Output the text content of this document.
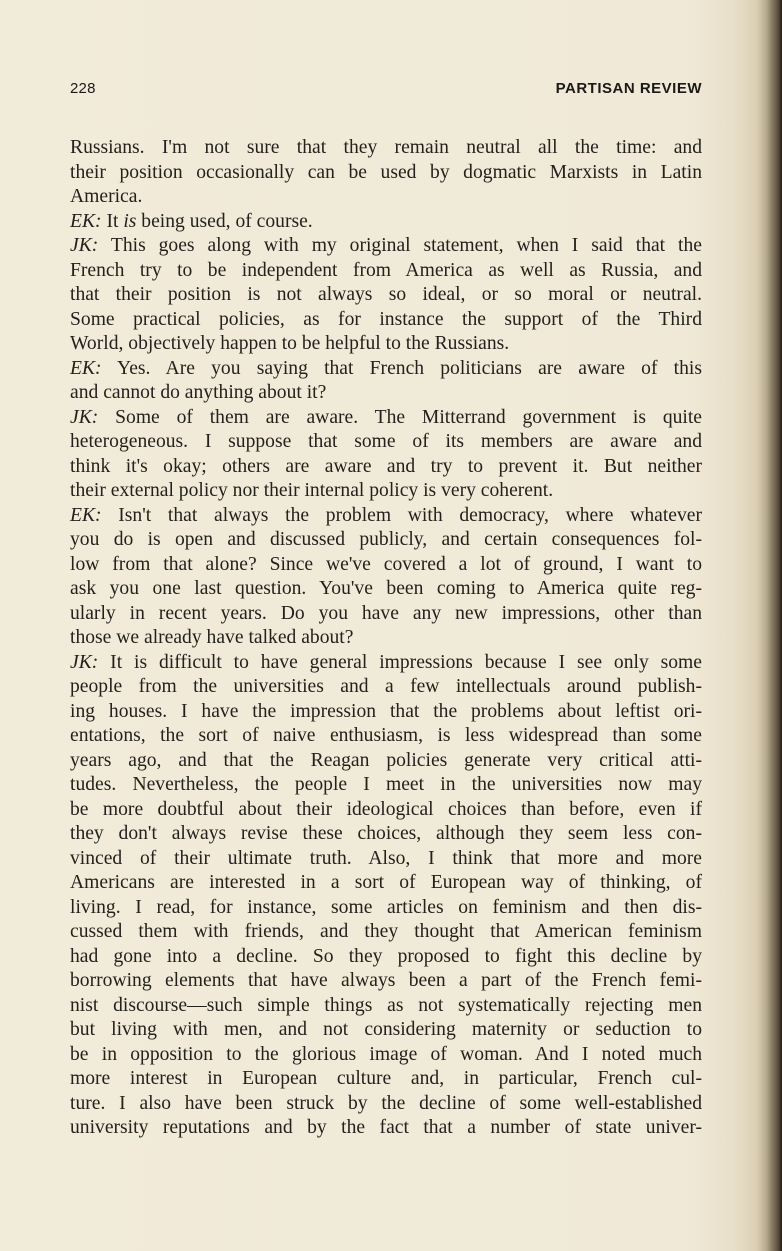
228	PARTISAN REVIEW
Russians. I'm not sure that they remain neutral all the time: and
their position occasionally can be used by dogmatic Marxists in Latin
America.
EK: It is being used, of course.
JK: This goes along with my original statement, when I said that the
French try to be independent from America as well as Russia, and
that their position is not always so ideal, or so moral or neutral.
Some practical policies, as for instance the support of the Third
World, objectively happen to be helpful to the Russians.
EK: Yes. Are you saying that French politicians are aware of this
and cannot do anything about it?
JK: Some of them are aware. The Mitterrand government is quite
heterogeneous. I suppose that some of its members are aware and
think it's okay; others are aware and try to prevent it. But neither
their external policy nor their internal policy is very coherent.
EK: Isn't that always the problem with democracy, where whatever
you do is open and discussed publicly, and certain consequences fol-
low from that alone? Since we've covered a lot of ground, I want to
ask you one last question. You've been coming to America quite reg-
ularly in recent years. Do you have any new impressions, other than
those we already have talked about?
JK: It is difficult to have general impressions because I see only some
people from the universities and a few intellectuals around publish-
ing houses. I have the impression that the problems about leftist ori-
entations, the sort of naive enthusiasm, is less widespread than some
years ago, and that the Reagan policies generate very critical atti-
tudes. Nevertheless, the people I meet in the universities now may
be more doubtful about their ideological choices than before, even if
they don't always revise these choices, although they seem less con-
vinced of their ultimate truth. Also, I think that more and more
Americans are interested in a sort of European way of thinking, of
living. I read, for instance, some articles on feminism and then dis-
cussed them with friends, and they thought that American feminism
had gone into a decline. So they proposed to fight this decline by
borrowing elements that have always been a part of the French femi-
nist discourse—such simple things as not systematically rejecting men
but living with men, and not considering maternity or seduction to
be in opposition to the glorious image of woman. And I noted much
more interest in European culture and, in particular, French cul-
ture. I also have been struck by the decline of some well-established
university reputations and by the fact that a number of state univer-
